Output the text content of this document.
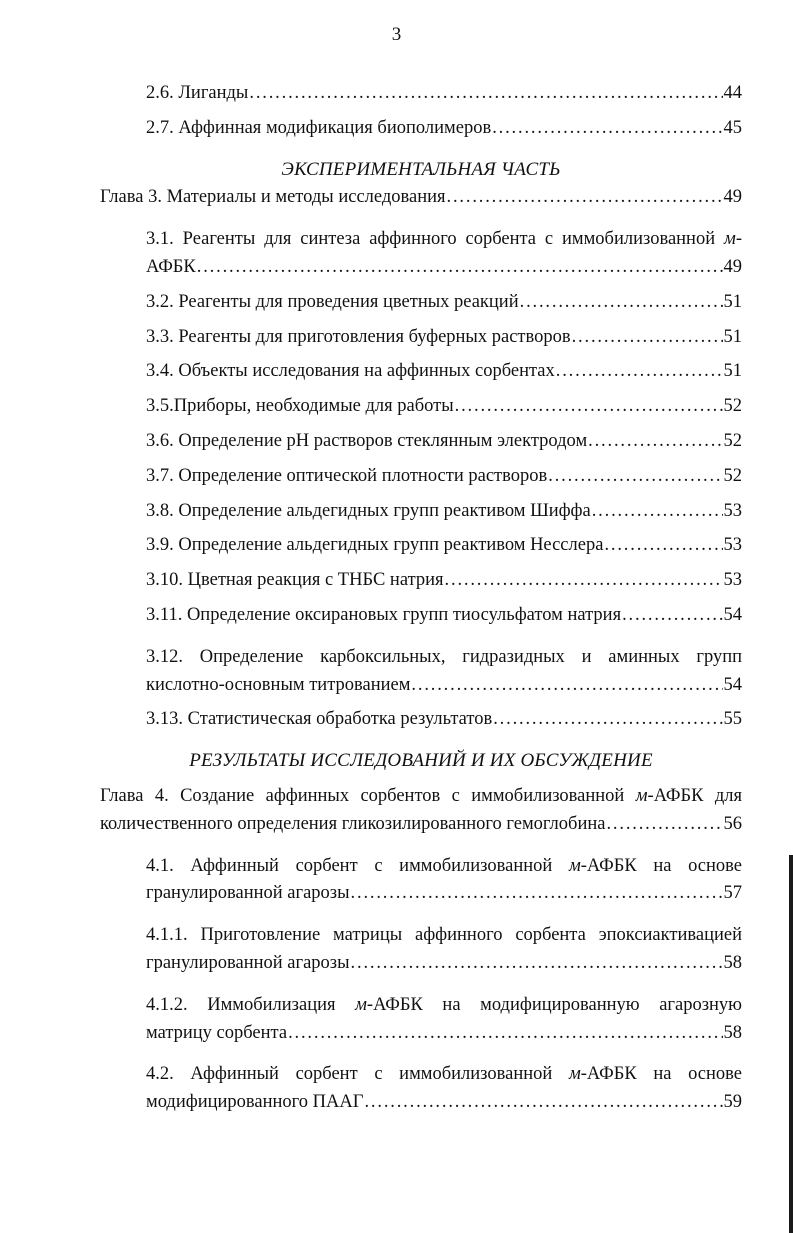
3
2.6. Лиганды . . .	44
2.7. Аффинная модификация биополимеров . . .	45
ЭКСПЕРИМЕНТАЛЬНАЯ ЧАСТЬ
Глава 3. Материалы и методы исследования . . .	49
3.1. Реагенты для синтеза аффинного сорбента с иммобилизованной м-
АФБК . . .	49
3.2. Реагенты для проведения цветных реакций . . .	51
3.3. Реагенты для приготовления буферных растворов . . .	51
3.4. Объекты исследования на аффинных сорбентах . . .	51
3.5.Приборы, необходимые для работы . . .	52
3.6. Определение pH растворов стеклянным электродом . . .	52
3.7. Определение оптической плотности растворов . . .	52
3.8. Определение альдегидных групп реактивом Шиффа . . .	53
3.9. Определение альдегидных групп реактивом Несслера . . .	53
3.10. Цветная реакция с ТНБС натрия . . .	53
3.11. Определение оксирановых групп тиосульфатом натрия . . .	54
3.12. Определение карбоксильных, гидразидных и аминных групп
кислотно-основным титрованием . . .	54
3.13. Статистическая обработка результатов . . .	55
РЕЗУЛЬТАТЫ ИССЛЕДОВАНИЙ И ИХ ОБСУЖДЕНИЕ
Глава 4. Создание аффинных сорбентов с иммобилизованной м-АФБК для
количественного определения гликозилированного гемоглобина . . .	56
4.1. Аффинный сорбент с иммобилизованной м-АФБК на основе
гранулированной агарозы . . .	57
4.1.1. Приготовление матрицы аффинного сорбента эпоксиактивацией
гранулированной агарозы . . .	58
4.1.2. Иммобилизация м-АФБК на модифицированную агарозную
матрицу сорбента . . .	58
4.2. Аффинный сорбент с иммобилизованной м-АФБК на основе
модифицированного ПААГ . . .	59
